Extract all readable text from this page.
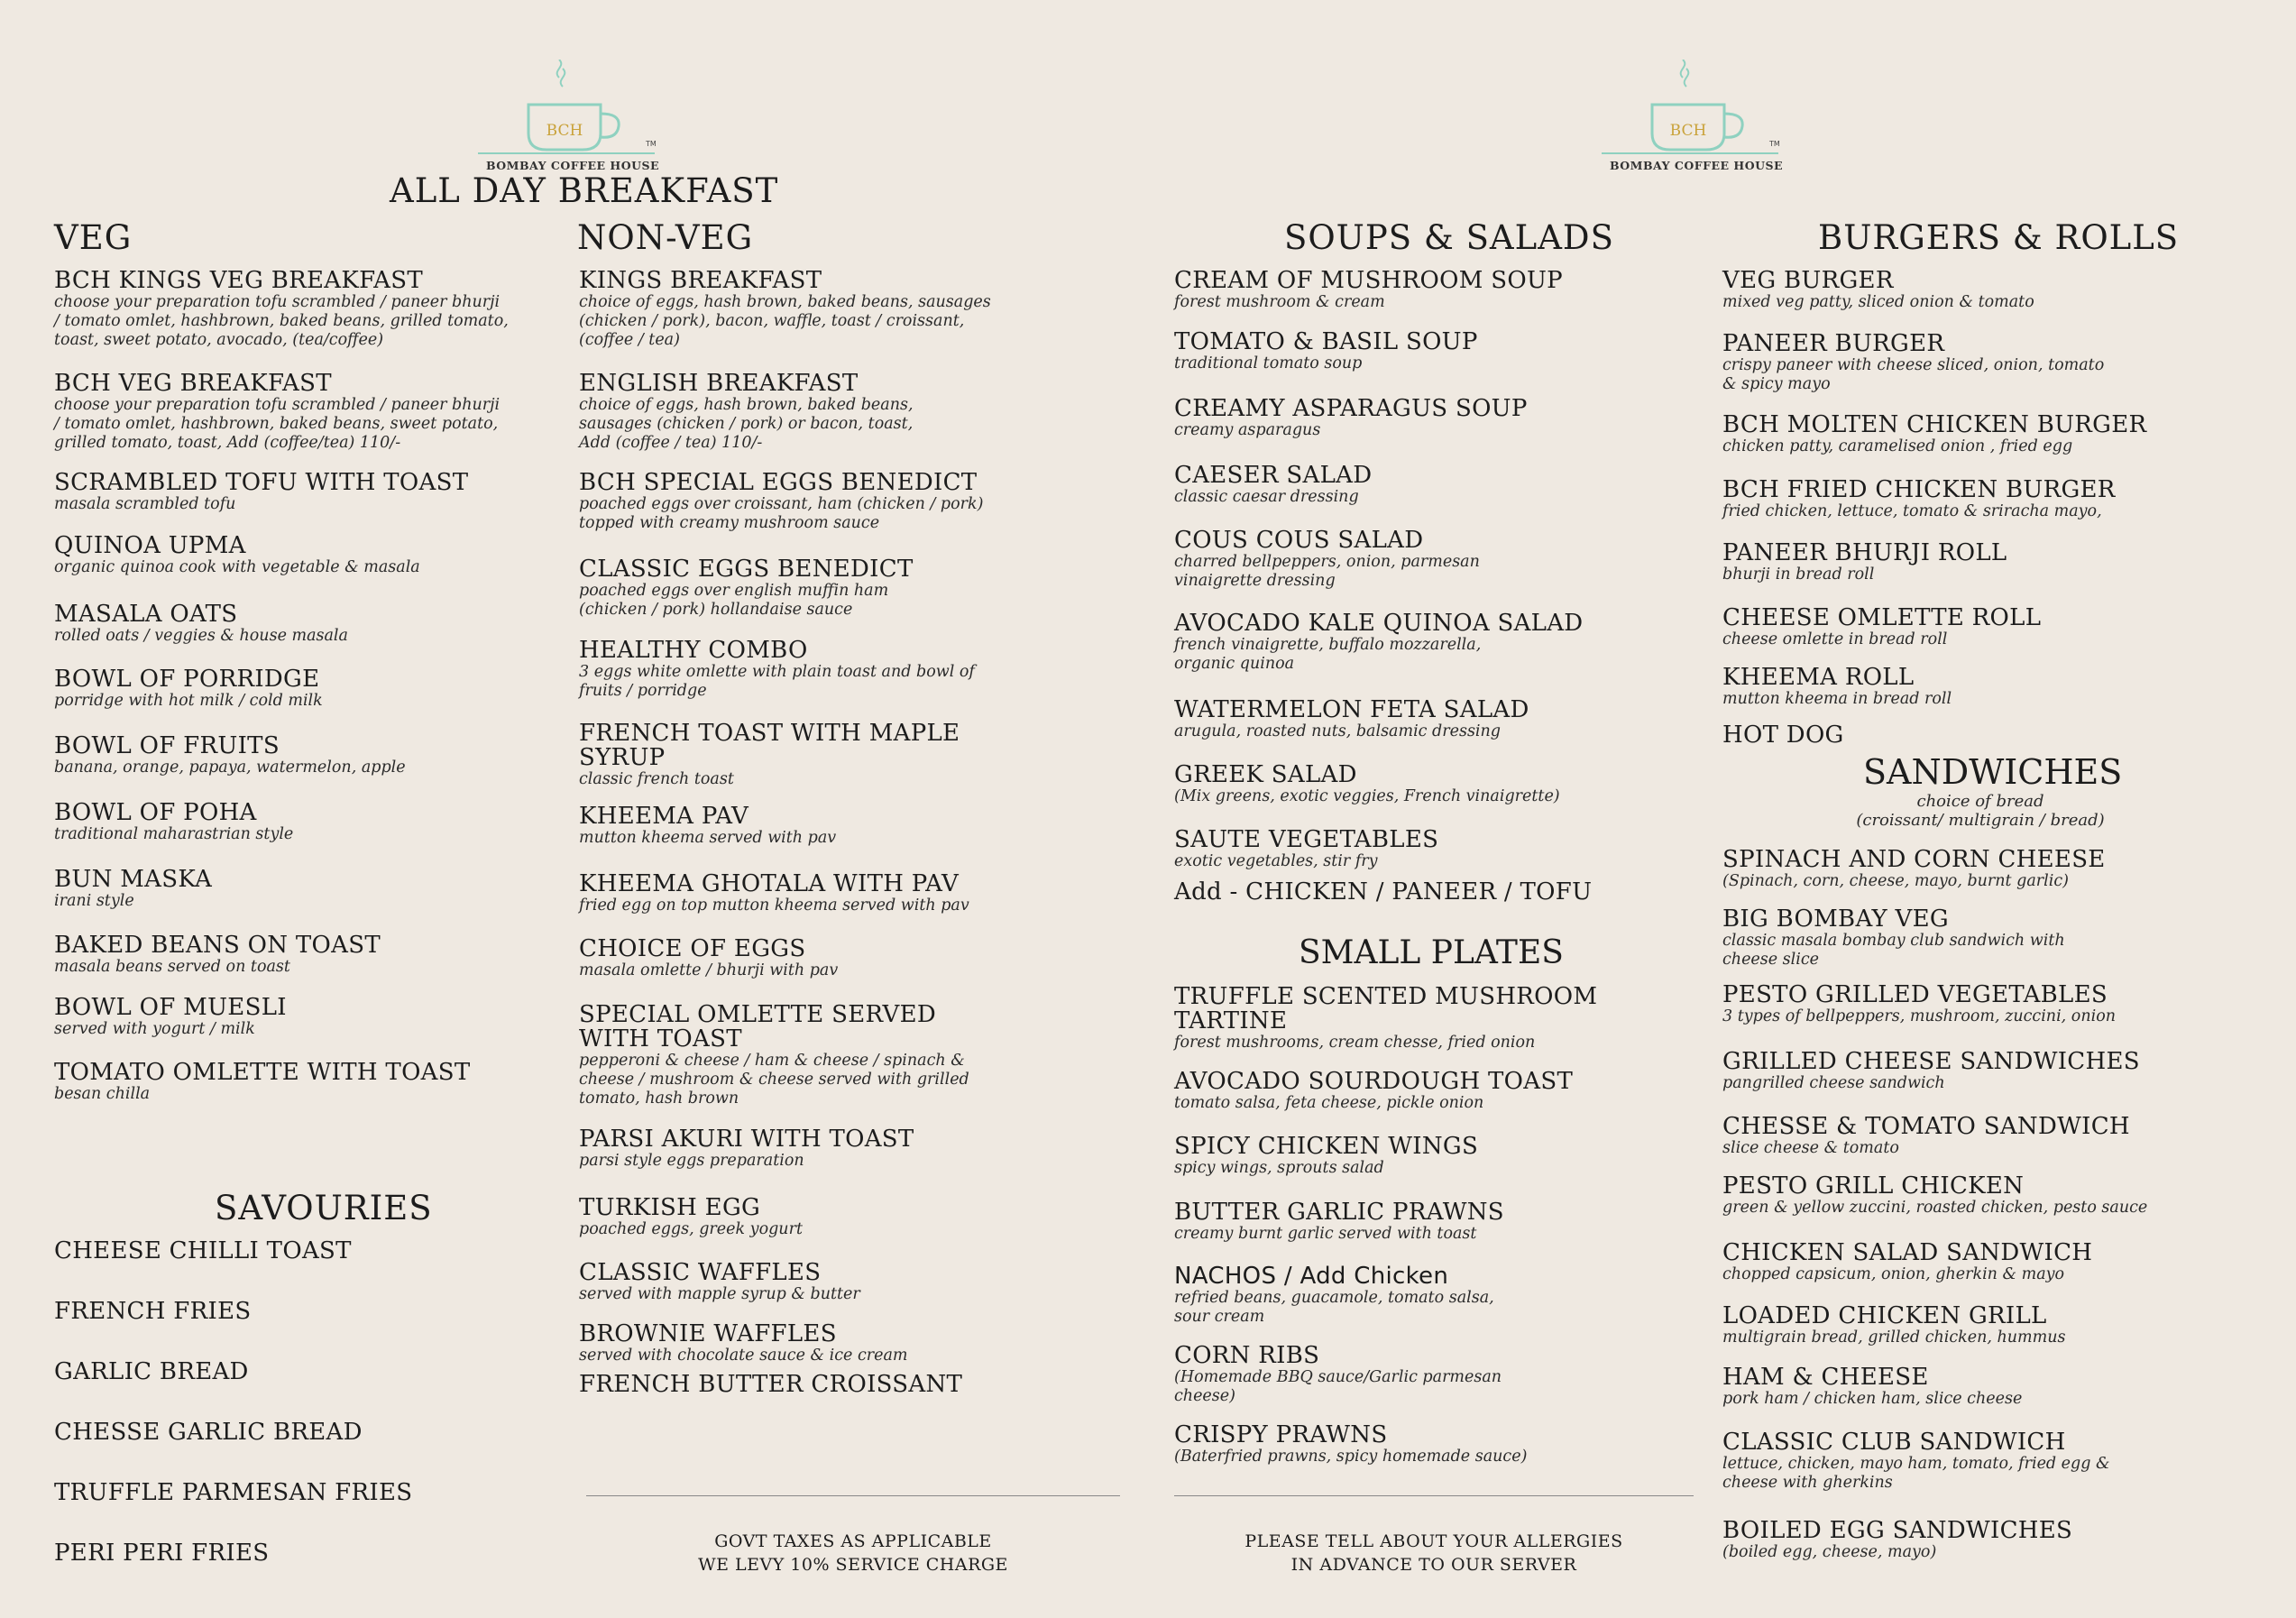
BCH
TM
BOMBAY COFFEE HOUSE
BCH
TM
BOMBAY COFFEE HOUSE
ALL DAY BREAKFAST
VEG	NON-VEG	SOUPS & SALADS	BURGERS & ROLLS
BCH KINGS VEG BREAKFAST
choose your preparation tofu scrambled / paneer bhurji
/ tomato omlet, hashbrown, baked beans, grilled tomato,
toast, sweet potato, avocado, (tea/coffee)
BCH VEG BREAKFAST
choose your preparation tofu scrambled / paneer bhurji
/ tomato omlet, hashbrown, baked beans, sweet potato,
grilled tomato, toast, Add (coffee/tea) 110/-
SCRAMBLED TOFU WITH TOAST
masala scrambled tofu
QUINOA UPMA
organic quinoa cook with vegetable & masala
MASALA OATS
rolled oats / veggies & house masala
BOWL OF PORRIDGE
porridge with hot milk / cold milk
BOWL OF FRUITS
banana, orange, papaya, watermelon, apple
BOWL OF POHA
traditional maharastrian style
BUN MASKA
irani style
BAKED BEANS ON TOAST
masala beans served on toast
BOWL OF MUESLI
served with yogurt / milk
TOMATO OMLETTE WITH TOAST
besan chilla
CHEESE CHILLI TOAST
FRENCH FRIES
GARLIC BREAD
CHESSE GARLIC BREAD
TRUFFLE PARMESAN FRIES
PERI PERI FRIES
KINGS BREAKFAST
choice of eggs, hash brown, baked beans, sausages
(chicken / pork), bacon, waffle, toast / croissant,
(coffee / tea)
ENGLISH BREAKFAST
choice of eggs, hash brown, baked beans,
sausages (chicken / pork) or bacon, toast,
Add (coffee / tea) 110/-
BCH SPECIAL EGGS BENEDICT
poached eggs over croissant, ham (chicken / pork)
topped with creamy mushroom sauce
CLASSIC EGGS BENEDICT
poached eggs over english muffin ham
(chicken / pork) hollandaise sauce
HEALTHY COMBO
3 eggs white omlette with plain toast and bowl of
fruits / porridge
FRENCH TOAST WITH MAPLE
SYRUP
classic french toast
KHEEMA PAV
mutton kheema served with pav
KHEEMA GHOTALA WITH PAV
fried egg on top mutton kheema served with pav
CHOICE OF EGGS
masala omlette / bhurji with pav
SPECIAL OMLETTE SERVED
WITH TOAST
pepperoni & cheese / ham & cheese / spinach &
cheese / mushroom & cheese served with grilled
tomato, hash brown
PARSI AKURI WITH TOAST
parsi style eggs preparation
TURKISH EGG
poached eggs, greek yogurt
CLASSIC WAFFLES
served with mapple syrup & butter
BROWNIE WAFFLES
served with chocolate sauce & ice cream
FRENCH BUTTER CROISSANT
CREAM OF MUSHROOM SOUP
forest mushroom & cream
TOMATO & BASIL SOUP
traditional tomato soup
CREAMY ASPARAGUS SOUP
creamy asparagus
CAESER SALAD
classic caesar dressing
COUS COUS SALAD
charred bellpeppers, onion, parmesan
vinaigrette dressing
AVOCADO KALE QUINOA SALAD
french vinaigrette, buffalo mozzarella,
organic quinoa
WATERMELON FETA SALAD
arugula, roasted nuts, balsamic dressing
GREEK SALAD
(Mix greens, exotic veggies, French vinaigrette)
SAUTE VEGETABLES
exotic vegetables, stir fry
Add - CHICKEN / PANEER / TOFU
TRUFFLE SCENTED MUSHROOM
TARTINE
forest mushrooms, cream chesse, fried onion
AVOCADO SOURDOUGH TOAST
tomato salsa, feta cheese, pickle onion
SPICY CHICKEN WINGS
spicy wings, sprouts salad
BUTTER GARLIC PRAWNS
creamy burnt garlic served with toast
NACHOS / Add Chicken
refried beans, guacamole, tomato salsa,
sour cream
CORN RIBS
(Homemade BBQ sauce/Garlic parmesan
cheese)
CRISPY PRAWNS
(Baterfried prawns, spicy homemade sauce)
VEG BURGER
mixed veg patty, sliced onion & tomato
PANEER BURGER
crispy paneer with cheese sliced, onion, tomato
& spicy mayo
BCH MOLTEN CHICKEN BURGER
chicken patty, caramelised onion , fried egg
BCH FRIED CHICKEN BURGER
fried chicken, lettuce, tomato & sriracha mayo,
PANEER BHURJI ROLL
bhurji in bread roll
CHEESE OMLETTE ROLL
cheese omlette in bread roll
KHEEMA ROLL
mutton kheema in bread roll
HOT DOG
SPINACH AND CORN CHEESE
(Spinach, corn, cheese, mayo, burnt garlic)
BIG BOMBAY VEG
classic masala bombay club sandwich with
cheese slice
PESTO GRILLED VEGETABLES
3 types of bellpeppers, mushroom, zuccini, onion
GRILLED CHEESE SANDWICHES
pangrilled cheese sandwich
CHESSE & TOMATO SANDWICH
slice cheese & tomato
PESTO GRILL CHICKEN
green & yellow zuccini, roasted chicken, pesto sauce
CHICKEN SALAD SANDWICH
chopped capsicum, onion, gherkin & mayo
LOADED CHICKEN GRILL
multigrain bread, grilled chicken, hummus
HAM & CHEESE
pork ham / chicken ham, slice cheese
CLASSIC CLUB SANDWICH
lettuce, chicken, mayo ham, tomato, fried egg &
cheese with gherkins
BOILED EGG SANDWICHES
(boiled egg, cheese, mayo)
SAVOURIES
SMALL PLATES
SANDWICHES
choice of bread
(croissant/ multigrain / bread)
GOVT TAXES AS APPLICABLE
WE LEVY 10% SERVICE CHARGE
PLEASE TELL ABOUT YOUR ALLERGIES
IN ADVANCE TO OUR SERVER
